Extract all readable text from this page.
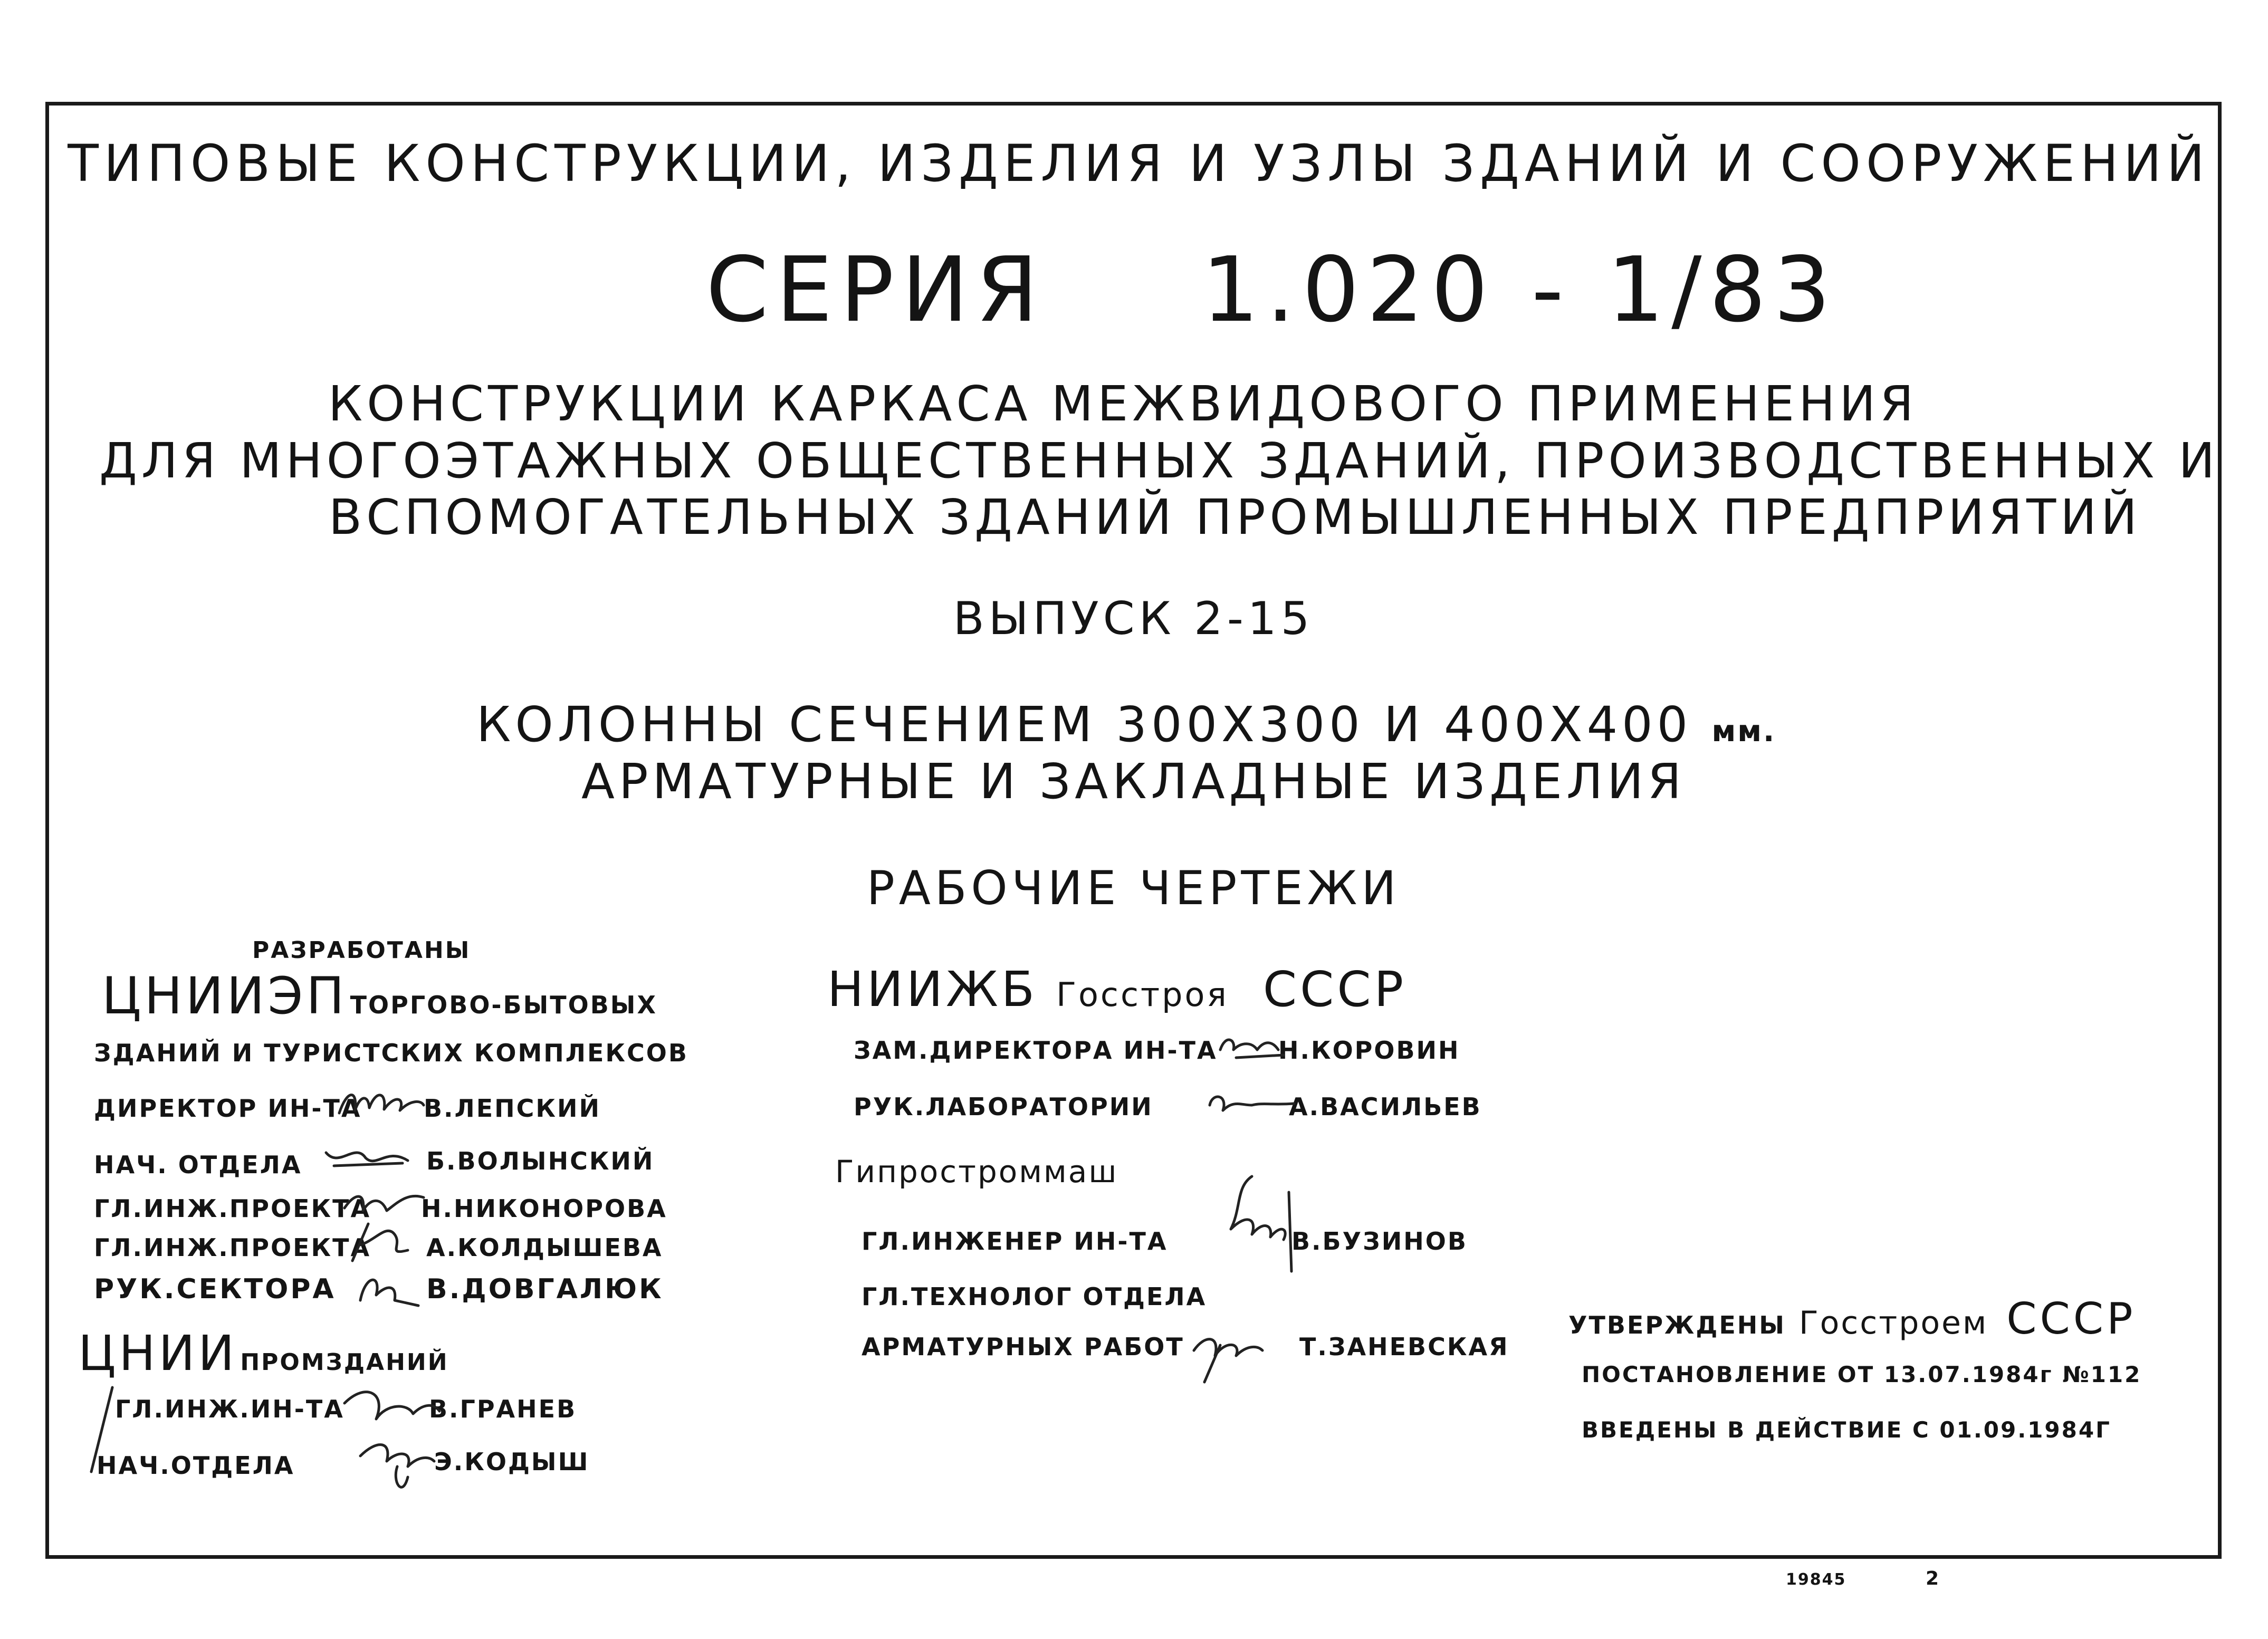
ТИПОВЫЕ КОНСТРУКЦИИ, ИЗДЕЛИЯ И УЗЛЫ ЗДАНИЙ И СООРУЖЕНИЙ
СЕРИЯ 1.020 - 1/83
КОНСТРУКЦИИ КАРКАСА МЕЖВИДОВОГО ПРИМЕНЕНИЯ
ДЛЯ МНОГОЭТАЖНЫХ ОБЩЕСТВЕННЫХ ЗДАНИЙ, ПРОИЗВОДСТВЕННЫХ И
ВСПОМОГАТЕЛЬНЫХ ЗДАНИЙ ПРОМЫШЛЕННЫХ ПРЕДПРИЯТИЙ
ВЫПУСК 2-15
КОЛОННЫ СЕЧЕНИЕМ 300Х300 И 400Х400 мм.
АРМАТУРНЫЕ И ЗАКЛАДНЫЕ ИЗДЕЛИЯ
РАБОЧИЕ ЧЕРТЕЖИ
РАЗРАБОТАНЫ
ЦНИИЭП ТОРГОВО-БЫТОВЫХ
ЗДАНИЙ И ТУРИСТСКИХ КОМПЛЕКСОВ
ДИРЕКТОР ИН-ТА	В.ЛЕПСКИЙ
НАЧ. ОТДЕЛА	Б.ВОЛЫНСКИЙ
ГЛ.ИНЖ.ПРОЕКТА Н.НИКОНОРОВА
ГЛ.ИНЖ.ПРОЕКТА А.КОЛДЫШЕВА
РУК.СЕКТОРА	В.ДОВГАЛЮК
ЦНИИ ПРОМЗДАНИЙ
ГЛ.ИНЖ.ИН-ТА	В.ГРАНЕВ
НАЧ.ОТДЕЛА	Э.КОДЫШ
НИИЖБ Госстроя СССР
ЗАМ.ДИРЕКТОРА ИН-ТА	Н.КОРОВИН
РУК.ЛАБОРАТОРИИ	А.ВАСИЛЬЕВ
Гипростроммаш
ГЛ.ИНЖЕНЕР ИН-ТА	В.БУЗИНОВ
ГЛ.ТЕХНОЛОГ ОТДЕЛА
АРМАТУРНЫХ РАБОТ	Т.ЗАНЕВСКАЯ
УТВЕРЖДЕНЫ Госстроем СССР
ПОСТАНОВЛЕНИЕ ОТ 13.07.1984г №112
ВВЕДЕНЫ В ДЕЙСТВИЕ С 01.09.1984Г
19845	2
